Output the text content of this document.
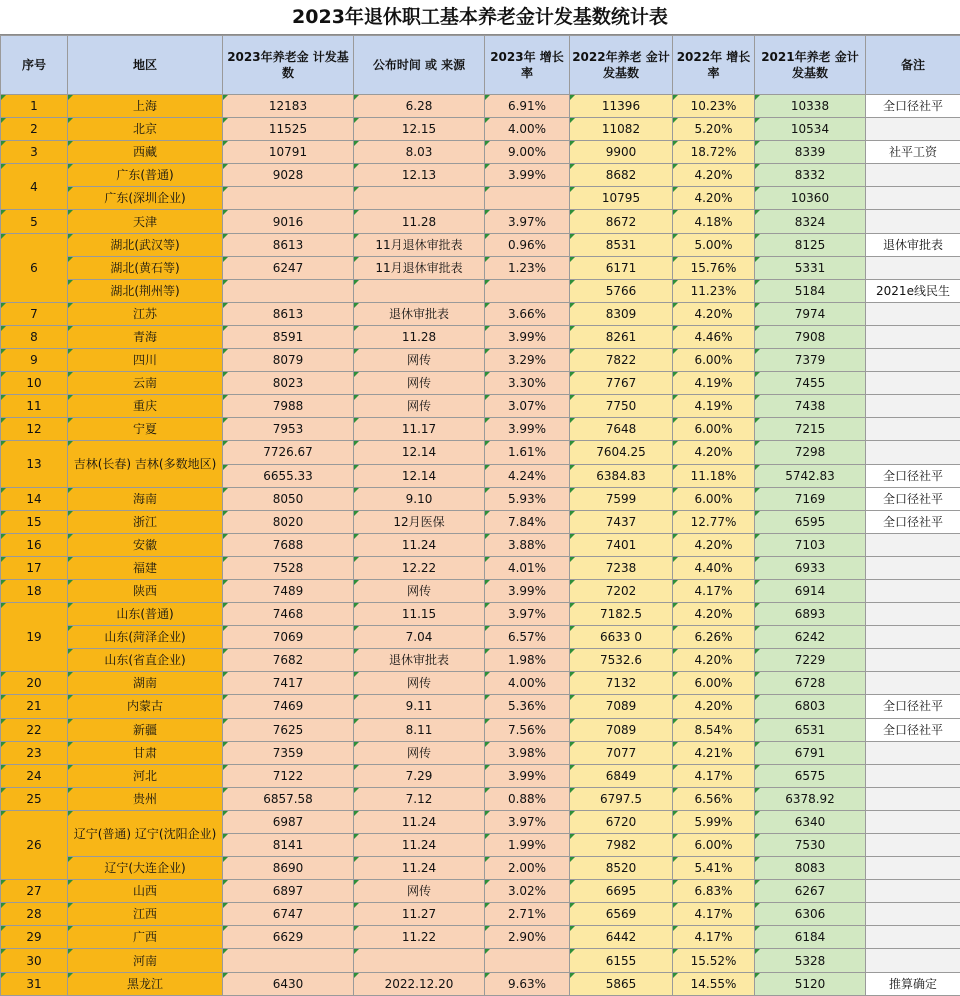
2023年退休职工基本养老金计发基数统计表
序号	地区	2023年养老金 计发基数	公布时间 或 来源	2023年 增长率	2022年养老 金计发基数	2022年 增长率	2021年养老 金计发基数	备注
1	上海	12183	6.28	6.91%	11396	10.23%	10338	全口径社平
2	北京	11525	12.15	4.00%	11082	5.20%	10534	
3	西藏	10791	8.03	9.00%	9900	18.72%	8339	社平工资
4	广东(普通)	9028	12.13	3.99%	8682	4.20%	8332	
	广东(深圳企业)				10795	4.20%	10360	
5	天津	9016	11.28	3.97%	8672	4.18%	8324	
6	湖北(武汉等)	8613	11月退休审批表	0.96%	8531	5.00%	8125	退休审批表
	湖北(黄石等)	6247	11月退休审批表	1.23%	6171	15.76%	5331	
	湖北(荆州等)				5766	11.23%	5184	2021e线民生
7	江苏	8613	退休审批表	3.66%	8309	4.20%	7974	
8	青海	8591	11.28	3.99%	8261	4.46%	7908	
9	四川	8079	网传	3.29%	7822	6.00%	7379	
10	云南	8023	网传	3.30%	7767	4.19%	7455	
11	重庆	7988	网传	3.07%	7750	4.19%	7438	
12	宁夏	7953	11.17	3.99%	7648	6.00%	7215	
13	吉林(长春) 吉林(多数地区)	7726.67	12.14	1.61%	7604.25	4.20%	7298	
		6655.33	12.14	4.24%	6384.83	11.18%	5742.83	全口径社平
14	海南	8050	9.10	5.93%	7599	6.00%	7169	全口径社平
15	浙江	8020	12月医保	7.84%	7437	12.77%	6595	全口径社平
16	安徽	7688	11.24	3.88%	7401	4.20%	7103	
17	福建	7528	12.22	4.01%	7238	4.40%	6933	
18	陕西	7489	网传	3.99%	7202	4.17%	6914	
19	山东(普通)	7468	11.15	3.97%	7182.5	4.20%	6893	
	山东(菏泽企业)	7069	7.04	6.57%	6633 0	6.26%	6242	
	山东(省直企业)	7682	退休审批表	1.98%	7532.6	4.20%	7229	
20	湖南	7417	网传	4.00%	7132	6.00%	6728	
21	内蒙古	7469	9.11	5.36%	7089	4.20%	6803	全口径社平
22	新疆	7625	8.11	7.56%	7089	8.54%	6531	全口径社平
23	甘肃	7359	网传	3.98%	7077	4.21%	6791	
24	河北	7122	7.29	3.99%	6849	4.17%	6575	
25	贵州	6857.58	7.12	0.88%	6797.5	6.56%	6378.92	
26	辽宁(普通) 辽宁(沈阳企业)	6987	11.24	3.97%	6720	5.99%	6340	
		8141	11.24	1.99%	7982	6.00%	7530	
	辽宁(大连企业)	8690	11.24	2.00%	8520	5.41%	8083	
27	山西	6897	网传	3.02%	6695	6.83%	6267	
28	江西	6747	11.27	2.71%	6569	4.17%	6306	
29	广西	6629	11.22	2.90%	6442	4.17%	6184	
30	河南				6155	15.52%	5328	
31	黑龙江	6430	2022.12.20	9.63%	5865	14.55%	5120	推算确定
